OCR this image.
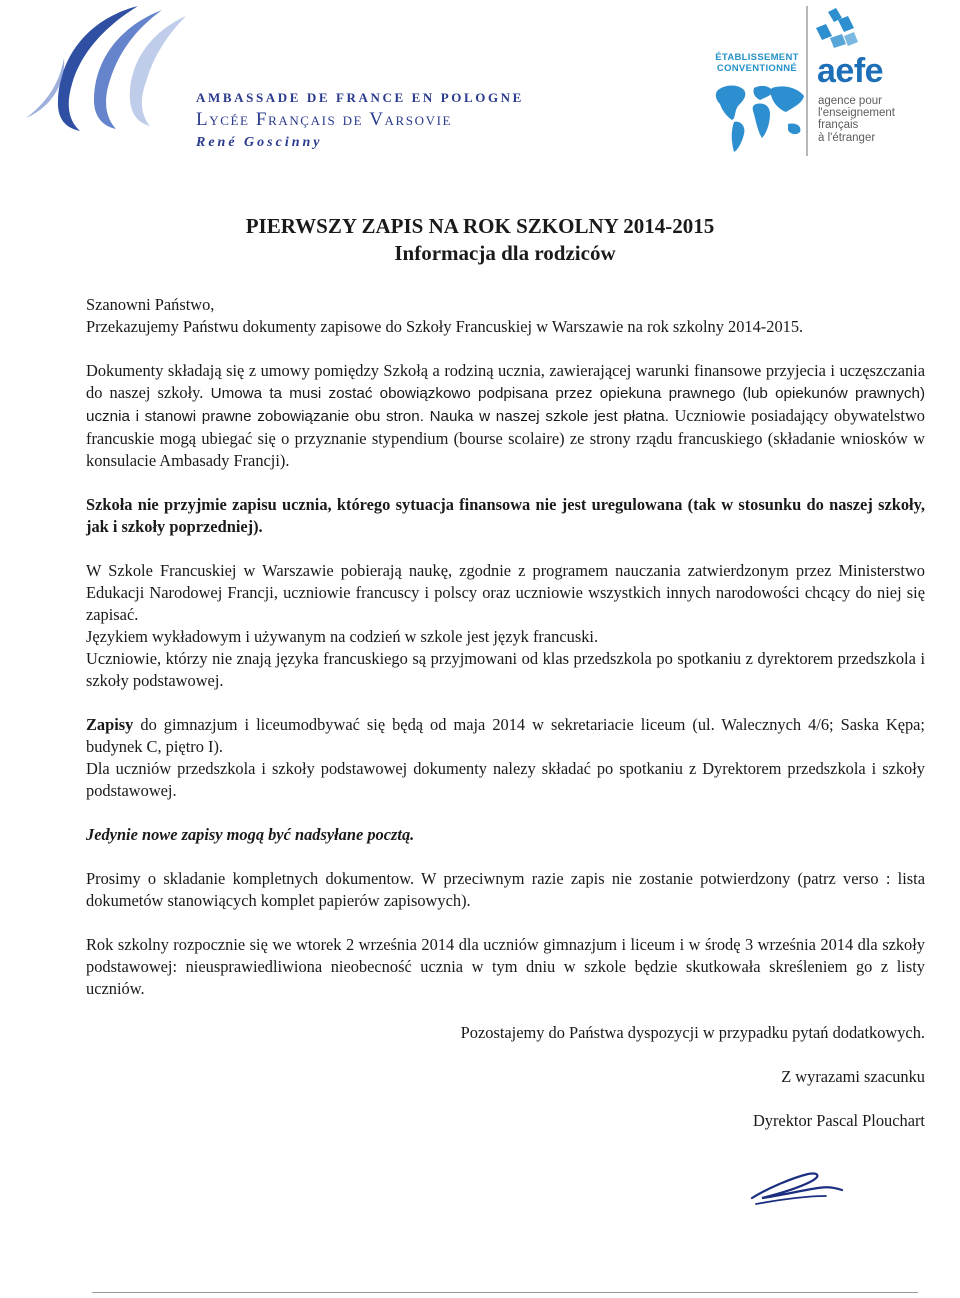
AMBASSADE DE FRANCE EN POLOGNE
Lycée Français de Varsovie
René Goscinny
ÉTABLISSEMENT
CONVENTIONNÉ aefe
agence pour
l'enseignement
français
à l'étranger
PIERWSZY ZAPIS NA ROK SZKOLNY 2014-2015
Informacja dla rodziców

Szanowni Państwo,

Przekazujemy Państwu dokumenty zapisowe do Szkoły Francuskiej w Warszawie na rok szkolny 2014-2015.

Dokumenty składają się z umowy pomiędzy Szkołą a rodziną ucznia, zawierającej warunki finansowe przyjecia i uczęszczania do naszej szkoły. Umowa ta musi zostać obowiązkowo podpisana przez opiekuna prawnego (lub opiekunów prawnych) ucznia i stanowi prawne zobowiązanie obu stron. Nauka w naszej szkole jest płatna. Uczniowie posiadający obywatelstwo francuskie mogą ubiegać się o przyznanie stypendium (bourse scolaire) ze strony rządu francuskiego (składanie wniosków w konsulacie Ambasady Francji).

Szkoła nie przyjmie zapisu ucznia, którego sytuacja finansowa nie jest uregulowana (tak w stosunku do naszej szkoły, jak i szkoły poprzedniej).

W Szkole Francuskiej w Warszawie pobierają naukę, zgodnie z programem nauczania zatwierdzonym przez Ministerstwo Edukacji Narodowej Francji, uczniowie francuscy i polscy oraz uczniowie wszystkich innych narodowości chcący do niej się zapisać.

Językiem wykładowym i używanym na codzień w szkole jest język francuski.

Uczniowie, którzy nie znają języka francuskiego są przyjmowani od klas przedszkola po spotkaniu z dyrektorem przedszkola i szkoły podstawowej.

Zapisy do gimnazjum i liceumodbywać się będą od maja 2014 w sekretariacie liceum (ul. Walecznych 4/6; Saska Kępa; budynek C, piętro I).

Dla uczniów przedszkola i szkoły podstawowej dokumenty nalezy składać po spotkaniu z Dyrektorem przedszkola i szkoły podstawowej.

Jedynie nowe zapisy mogą być nadsyłane pocztą.

Prosimy o skladanie kompletnych dokumentow. W przeciwnym razie zapis nie zostanie potwierdzony (patrz verso : lista dokumetów stanowiących komplet papierów zapisowych).

Rok szkolny rozpocznie się we wtorek 2 września 2014 dla uczniów gimnazjum i liceum i w środę 3 września 2014 dla szkoły podstawowej: nieusprawiedliwiona nieobecność ucznia w tym dniu w szkole będzie skutkowała skreśleniem go z listy uczniów.

Pozostajemy do Państwa dyspozycji w przypadku pytań dodatkowych.

Z wyrazami szacunku

Dyrektor Pascal Plouchart
